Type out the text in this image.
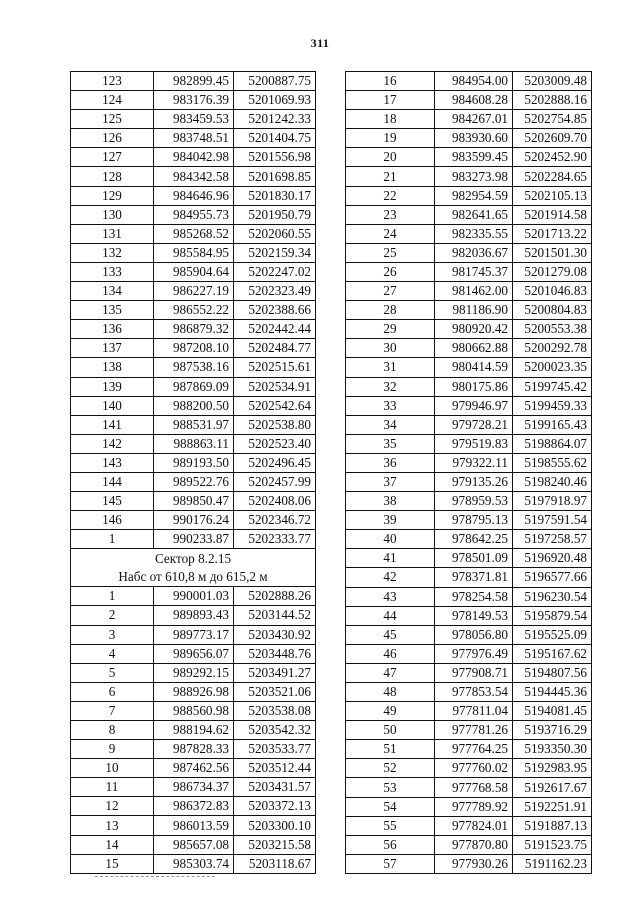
311
123	982899.45	5200887.75
124	983176.39	5201069.93
125	983459.53	5201242.33
126	983748.51	5201404.75
127	984042.98	5201556.98
128	984342.58	5201698.85
129	984646.96	5201830.17
130	984955.73	5201950.79
131	985268.52	5202060.55
132	985584.95	5202159.34
133	985904.64	5202247.02
134	986227.19	5202323.49
135	986552.22	5202388.66
136	986879.32	5202442.44
137	987208.10	5202484.77
138	987538.16	5202515.61
139	987869.09	5202534.91
140	988200.50	5202542.64
141	988531.97	5202538.80
142	988863.11	5202523.40
143	989193.50	5202496.45
144	989522.76	5202457.99
145	989850.47	5202408.06
146	990176.24	5202346.72
1	990233.87	5202333.77

Сектор 8.2.15
Набс от 610,8 м до 615,2 м		

1	990001.03	5202888.26
2	989893.43	5203144.52
3	989773.17	5203430.92
4	989656.07	5203448.76
5	989292.15	5203491.27
6	988926.98	5203521.06
7	988560.98	5203538.08
8	988194.62	5203542.32
9	987828.33	5203533.77
10	987462.56	5203512.44
11	986734.37	5203431.57
12	986372.83	5203372.13
13	986013.59	5203300.10
14	985657.08	5203215.58
15	985303.74	5203118.67
16	984954.00	5203009.48
17	984608.28	5202888.16
18	984267.01	5202754.85
19	983930.60	5202609.70
20	983599.45	5202452.90
21	983273.98	5202284.65
22	982954.59	5202105.13
23	982641.65	5201914.58
24	982335.55	5201713.22
25	982036.67	5201501.30
26	981745.37	5201279.08
27	981462.00	5201046.83
28	981186.90	5200804.83
29	980920.42	5200553.38
30	980662.88	5200292.78
31	980414.59	5200023.35
32	980175.86	5199745.42
33	979946.97	5199459.33
34	979728.21	5199165.43
35	979519.83	5198864.07
36	979322.11	5198555.62
37	979135.26	5198240.46
38	978959.53	5197918.97
39	978795.13	5197591.54
40	978642.25	5197258.57
41	978501.09	5196920.48
42	978371.81	5196577.66
43	978254.58	5196230.54
44	978149.53	5195879.54
45	978056.80	5195525.09
46	977976.49	5195167.62
47	977908.71	5194807.56
48	977853.54	5194445.36
49	977811.04	5194081.45
50	977781.26	5193716.29
51	977764.25	5193350.30
52	977760.02	5192983.95
53	977768.58	5192617.67
54	977789.92	5192251.91
55	977824.01	5191887.13
56	977870.80	5191523.75
57	977930.26	5191162.23
